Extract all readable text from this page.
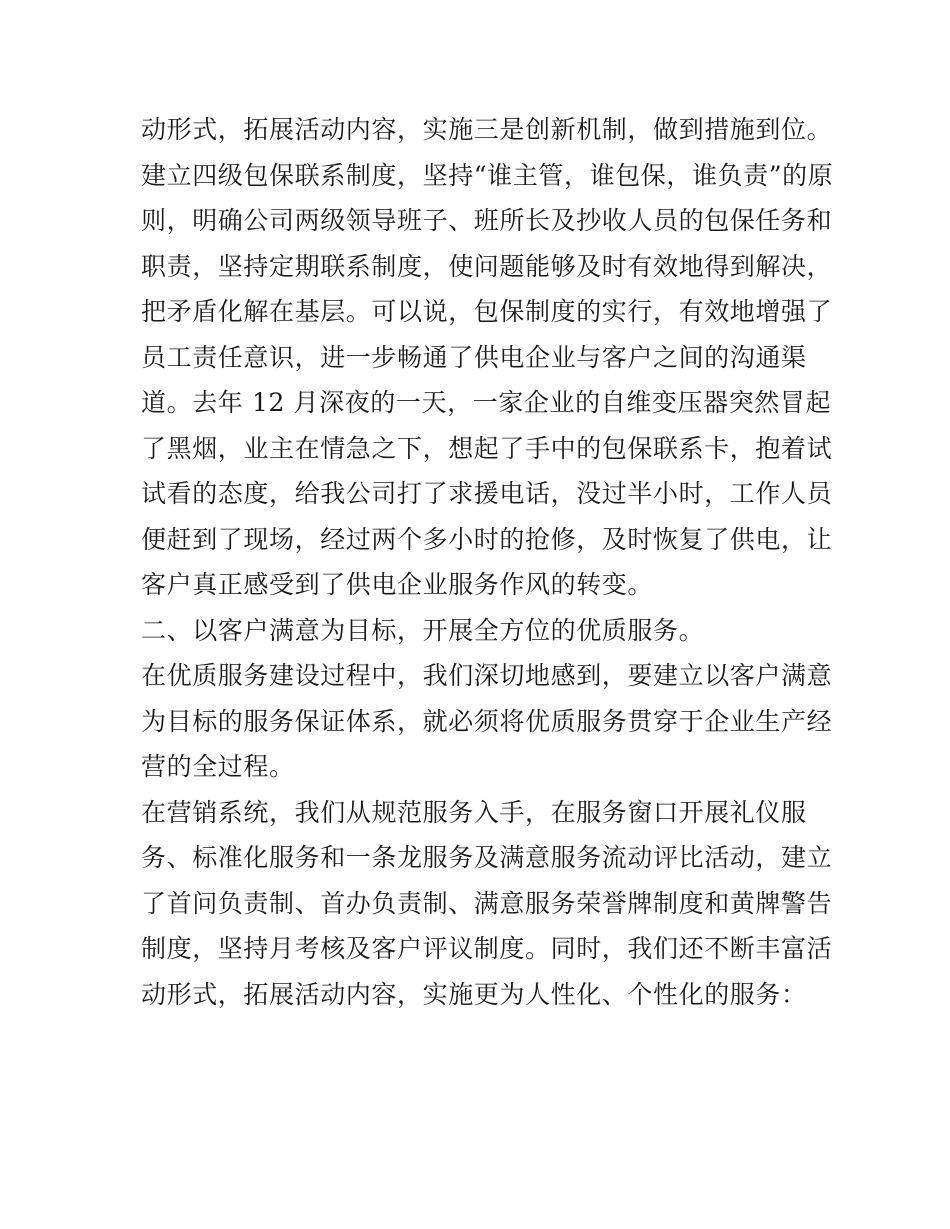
动形式，拓展活动内容，实施三是创新机制，做到措施到位。
建立四级包保联系制度，坚持“谁主管，谁包保，谁负责”的原
则，明确公司两级领导班子、班所长及抄收人员的包保任务和
职责，坚持定期联系制度，使问题能够及时有效地得到解决，
把矛盾化解在基层。可以说，包保制度的实行，有效地增强了
员工责任意识，进一步畅通了供电企业与客户之间的沟通渠
道。去年 12 月深夜的一天，一家企业的自维变压器突然冒起
了黑烟，业主在情急之下，想起了手中的包保联系卡，抱着试
试看的态度，给我公司打了求援电话，没过半小时，工作人员
便赶到了现场，经过两个多小时的抢修，及时恢复了供电，让
客户真正感受到了供电企业服务作风的转变。
二、以客户满意为目标，开展全方位的优质服务。
在优质服务建设过程中，我们深切地感到，要建立以客户满意
为目标的服务保证体系，就必须将优质服务贯穿于企业生产经
营的全过程。
在营销系统，我们从规范服务入手，在服务窗口开展礼仪服
务、标准化服务和一条龙服务及满意服务流动评比活动，建立
了首问负责制、首办负责制、满意服务荣誉牌制度和黄牌警告
制度，坚持月考核及客户评议制度。同时，我们还不断丰富活
动形式，拓展活动内容，实施更为人性化、个性化的服务：
